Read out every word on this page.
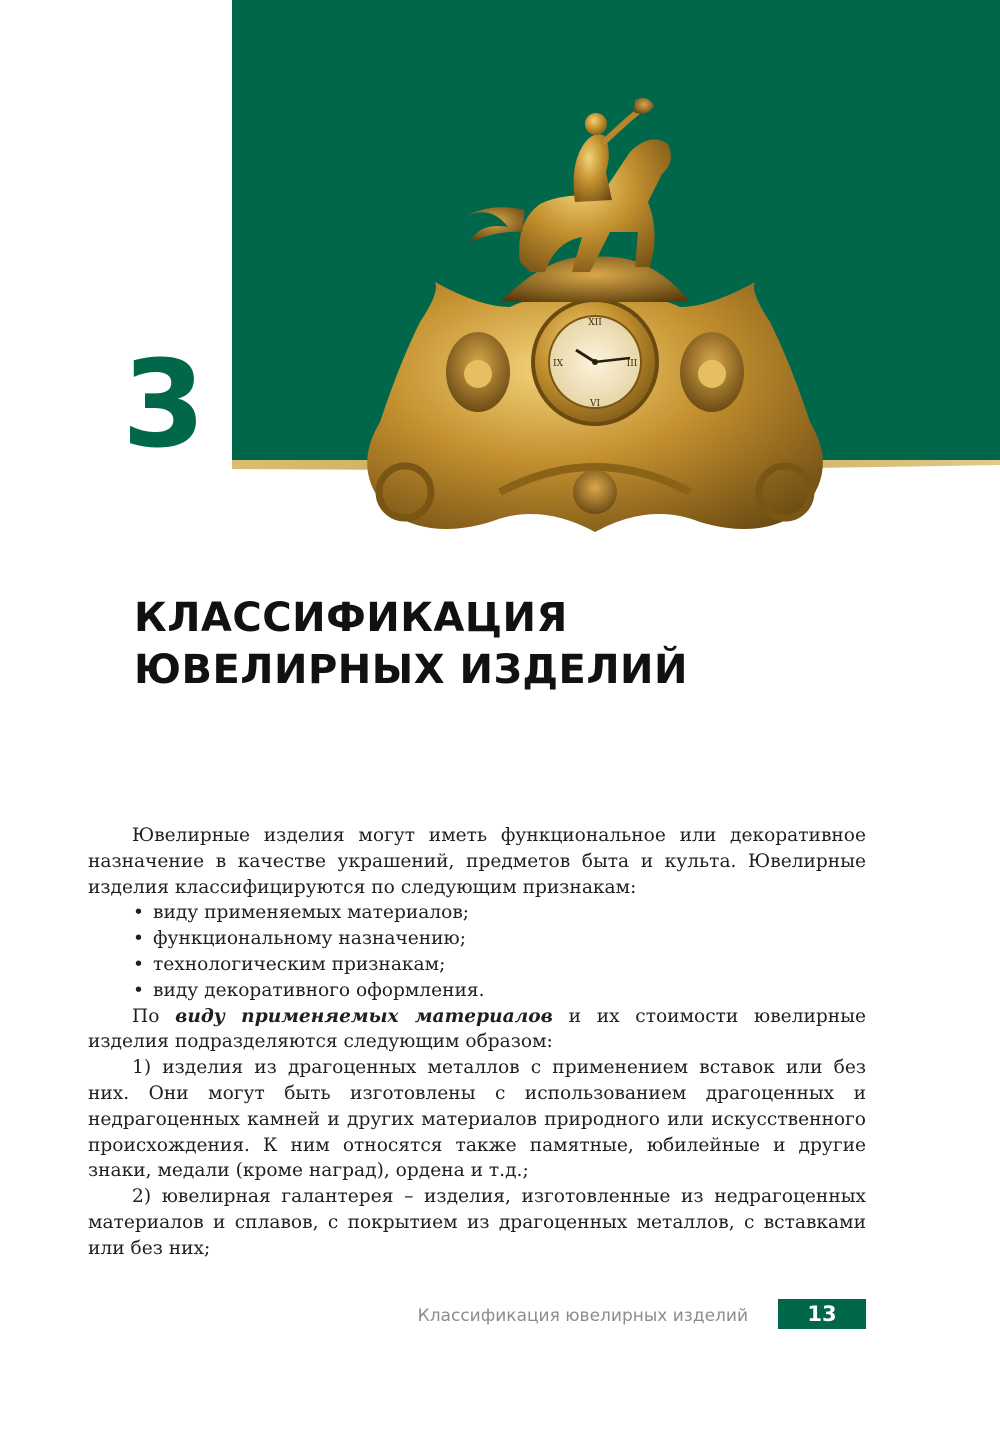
3
XII
III
VI
IX
КЛАССИФИКАЦИЯ
ЮВЕЛИРНЫХ ИЗДЕЛИЙ

Ювелирные изделия могут иметь функциональное или декоративное назначение в качестве украшений, предметов быта и культа. Ювелирные изделия классифицируются по следующим признакам:

• виду применяемых материалов;
• функциональному назначению;
• технологическим признакам;
• виду декоративного оформления.

По виду применяемых материалов и их стоимости ювелирные изделия подразделяются следующим образом:

1) изделия из драгоценных металлов с применением вставок или без них. Они могут быть изготовлены с использованием драгоценных и недрагоценных камней и других материалов природного или искусственного происхождения. К ним относятся также памятные, юбилейные и другие знаки, медали (кроме наград), ордена и т.д.;

2) ювелирная галантерея – изделия, изготовленные из недрагоценных материалов и сплавов, с покрытием из драгоценных металлов, с вставками или без них;

Классификация ювелирных изделий	13
